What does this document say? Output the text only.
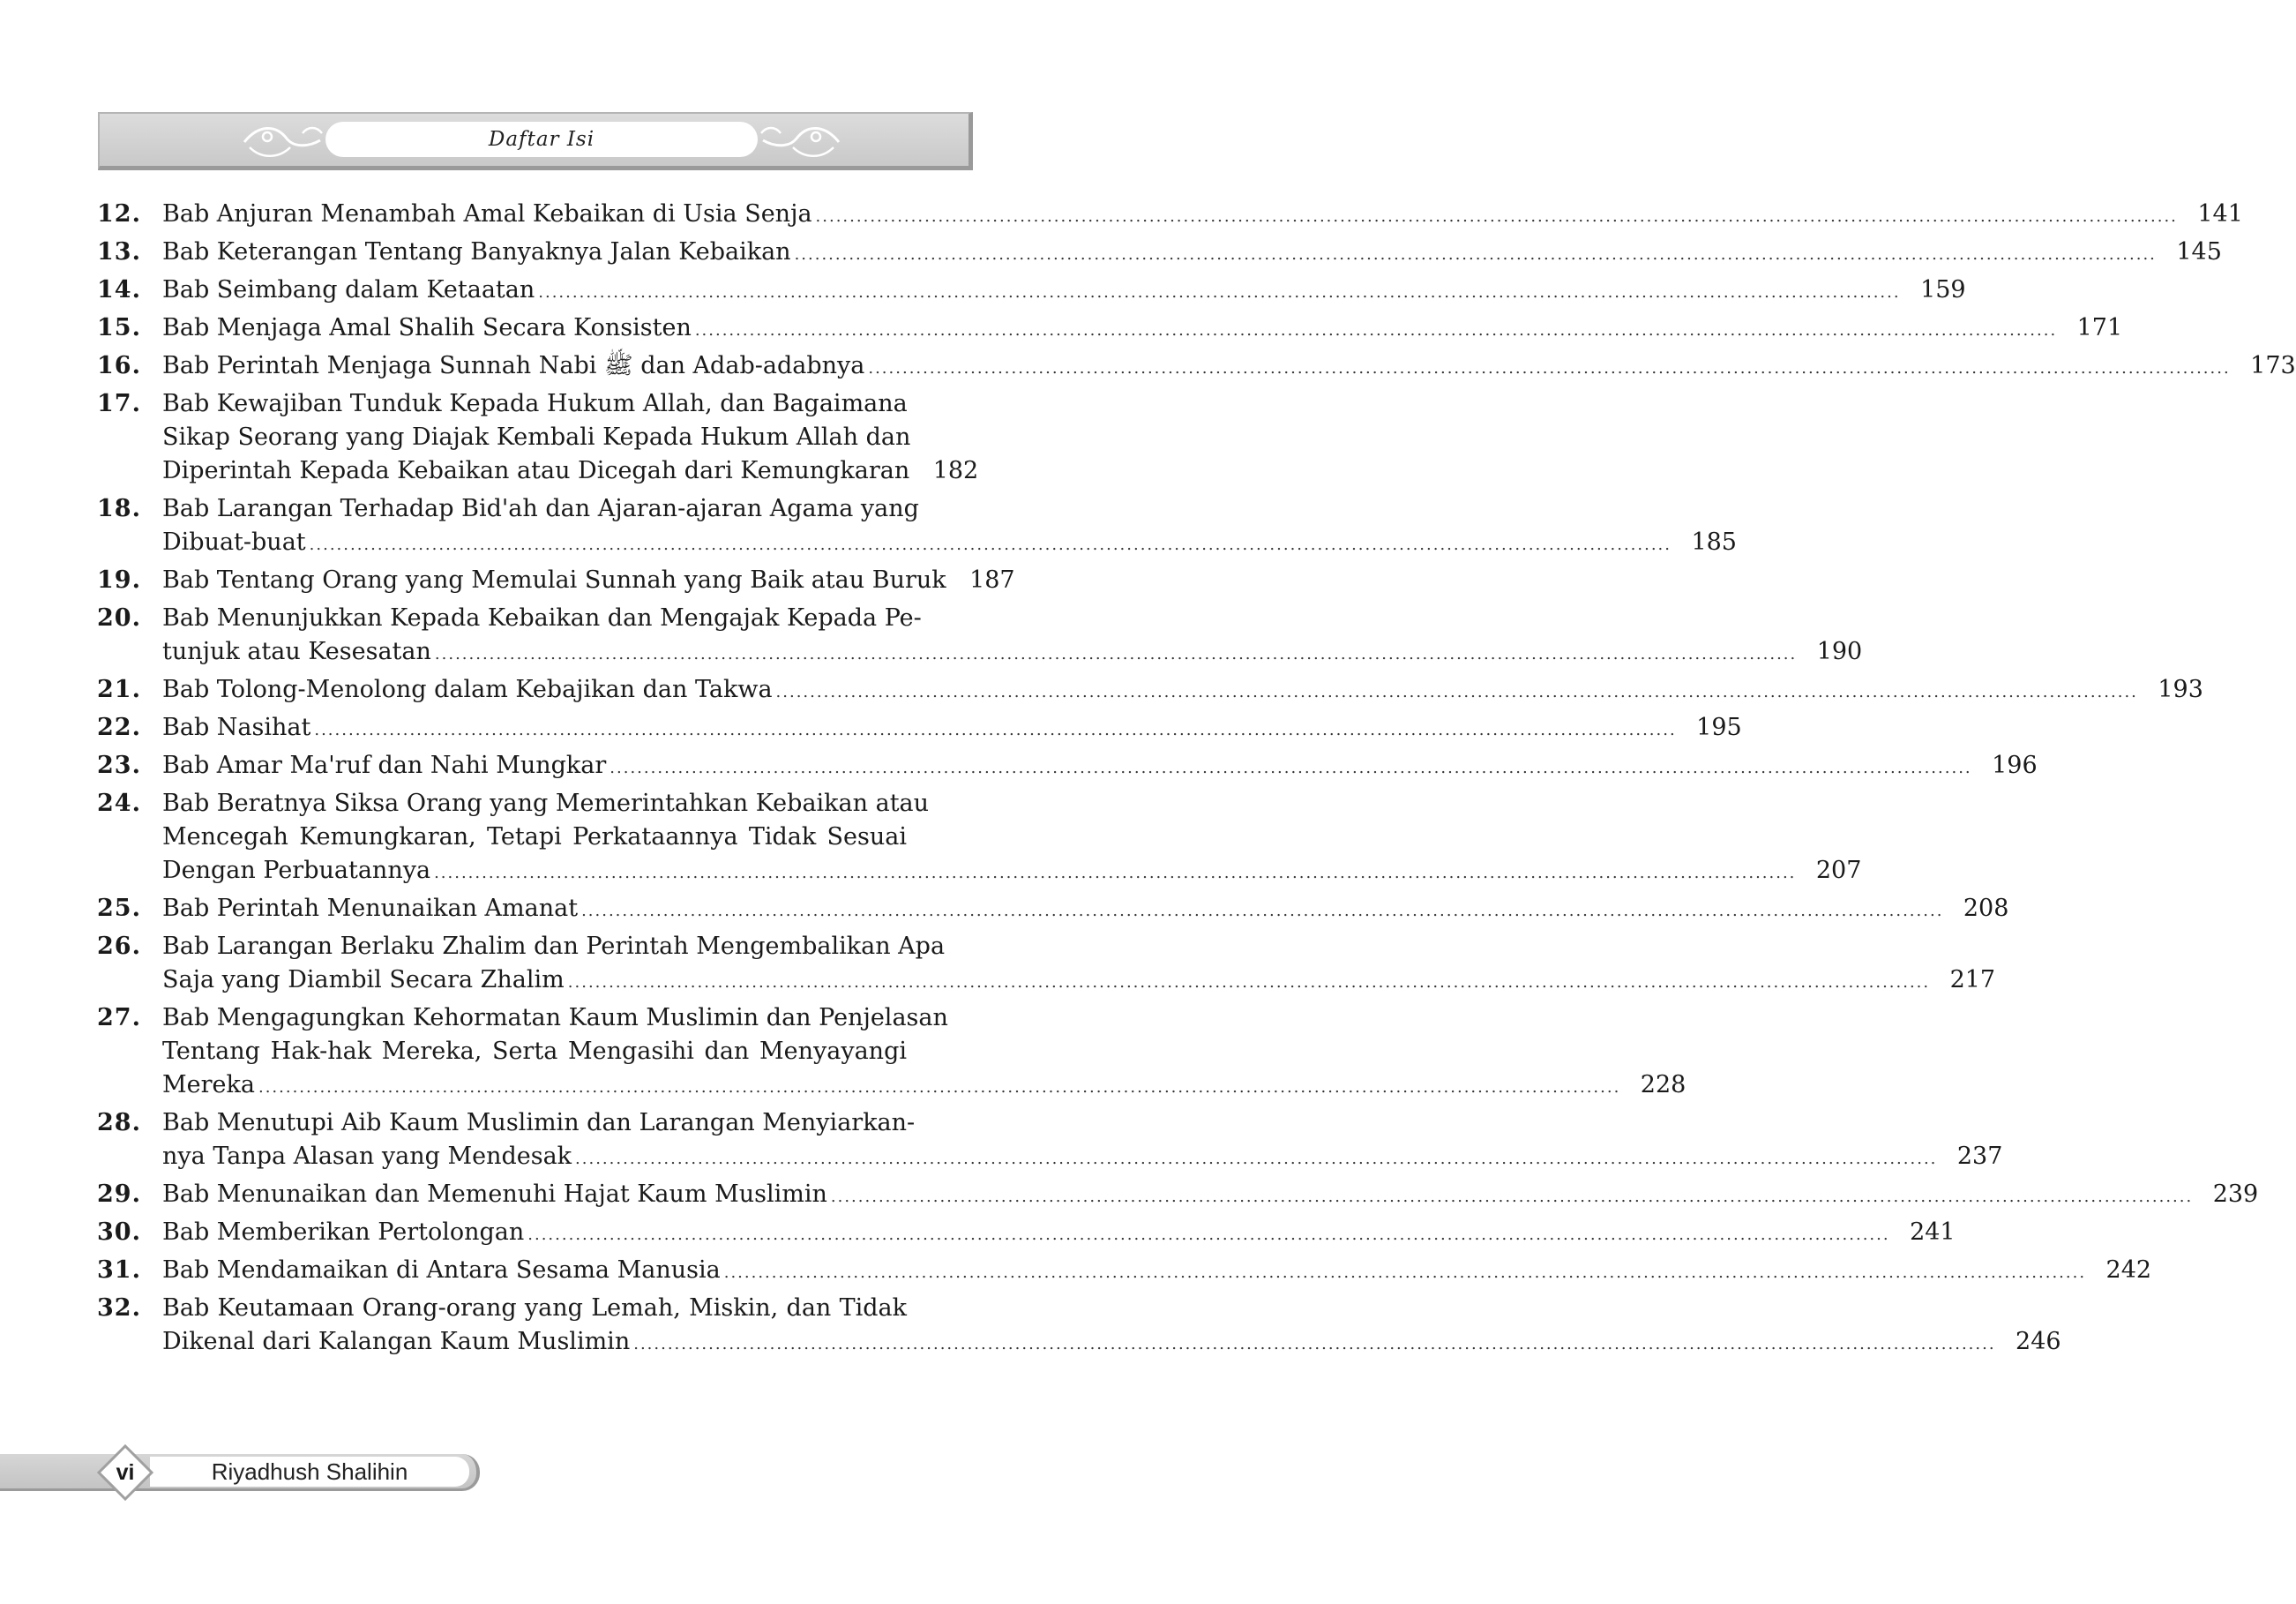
Daftar Isi
12. Bab Anjuran Menambah Amal Kebaikan di Usia Senja ........................................................................................................................................................................................................ 141
13. Bab Keterangan Tentang Banyaknya Jalan Kebaikan ........................................................................................................................................................................................................ 145
14. Bab Seimbang dalam Ketaatan ........................................................................................................................................................................................................ 159
15. Bab Menjaga Amal Shalih Secara Konsisten ........................................................................................................................................................................................................ 171
16. Bab Perintah Menjaga Sunnah Nabi ﷺ dan Adab-adabnya ........................................................................................................................................................................................................ 173
17. Bab Kewajiban Tunduk Kepada Hukum Allah, dan Bagaimana
Sikap Seorang yang Diajak Kembali Kepada Hukum Allah dan
Diperintah Kepada Kebaikan atau Dicegah dari Kemungkaran 182
18. Bab Larangan Terhadap Bid'ah dan Ajaran-ajaran Agama yang
Dibuat-buat ........................................................................................................................................................................................................ 185
19. Bab Tentang Orang yang Memulai Sunnah yang Baik atau Buruk 187
20. Bab Menunjukkan Kepada Kebaikan dan Mengajak Kepada Pe-
tunjuk atau Kesesatan ........................................................................................................................................................................................................ 190
21. Bab Tolong-Menolong dalam Kebajikan dan Takwa ........................................................................................................................................................................................................ 193
22. Bab Nasihat ........................................................................................................................................................................................................ 195
23. Bab Amar Ma'ruf dan Nahi Mungkar ........................................................................................................................................................................................................ 196
24. Bab Beratnya Siksa Orang yang Memerintahkan Kebaikan atau
Mencegah Kemungkaran, Tetapi Perkataannya Tidak Sesuai
Dengan Perbuatannya ........................................................................................................................................................................................................ 207
25. Bab Perintah Menunaikan Amanat ........................................................................................................................................................................................................ 208
26. Bab Larangan Berlaku Zhalim dan Perintah Mengembalikan Apa
Saja yang Diambil Secara Zhalim ........................................................................................................................................................................................................ 217
27. Bab Mengagungkan Kehormatan Kaum Muslimin dan Penjelasan
Tentang Hak-hak Mereka, Serta Mengasihi dan Menyayangi
Mereka ........................................................................................................................................................................................................ 228
28. Bab Menutupi Aib Kaum Muslimin dan Larangan Menyiarkan-
nya Tanpa Alasan yang Mendesak ........................................................................................................................................................................................................ 237
29. Bab Menunaikan dan Memenuhi Hajat Kaum Muslimin ........................................................................................................................................................................................................ 239
30. Bab Memberikan Pertolongan ........................................................................................................................................................................................................ 241
31. Bab Mendamaikan di Antara Sesama Manusia ........................................................................................................................................................................................................ 242
32. Bab Keutamaan Orang-orang yang Lemah, Miskin, dan Tidak
Dikenal dari Kalangan Kaum Muslimin ........................................................................................................................................................................................................ 246
Riyadhush Shalihin
vi
